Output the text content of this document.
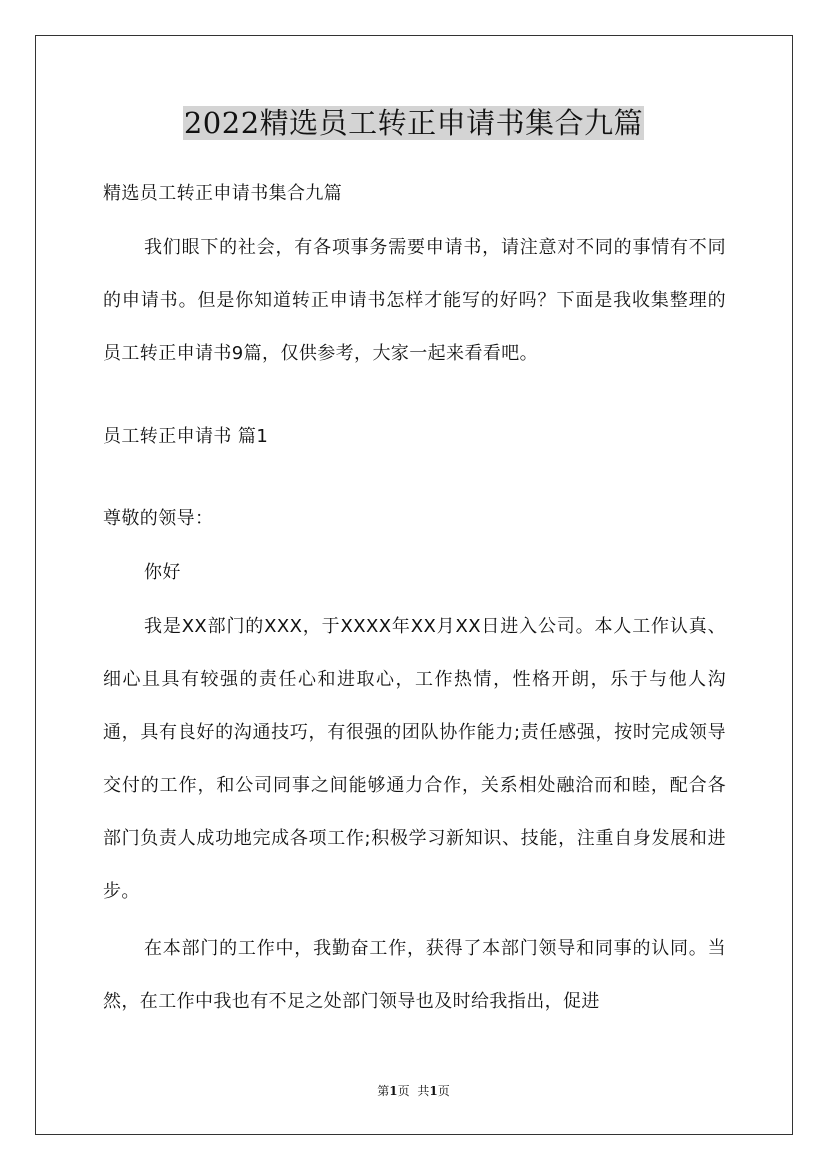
2022精选员工转正申请书集合九篇

精选员工转正申请书集合九篇

我们眼下的社会，有各项事务需要申请书，请注意对不同的事情有不同的申请书。但是你知道转正申请书怎样才能写的好吗？下面是我收集整理的员工转正申请书9篇，仅供参考，大家一起来看看吧。

员工转正申请书 篇1

尊敬的领导：

你好

我是XX部门的XXX，于XXXX年XX月XX日进入公司。本人工作认真、细心且具有较强的责任心和进取心，工作热情，性格开朗，乐于与他人沟通，具有良好的沟通技巧，有很强的团队协作能力;责任感强，按时完成领导交付的工作，和公司同事之间能够通力合作，关系相处融洽而和睦，配合各部门负责人成功地完成各项工作;积极学习新知识、技能，注重自身发展和进步。

在本部门的工作中，我勤奋工作，获得了本部门领导和同事的认同。当然，在工作中我也有不足之处部门领导也及时给我指出，促进

第1页 共1页
